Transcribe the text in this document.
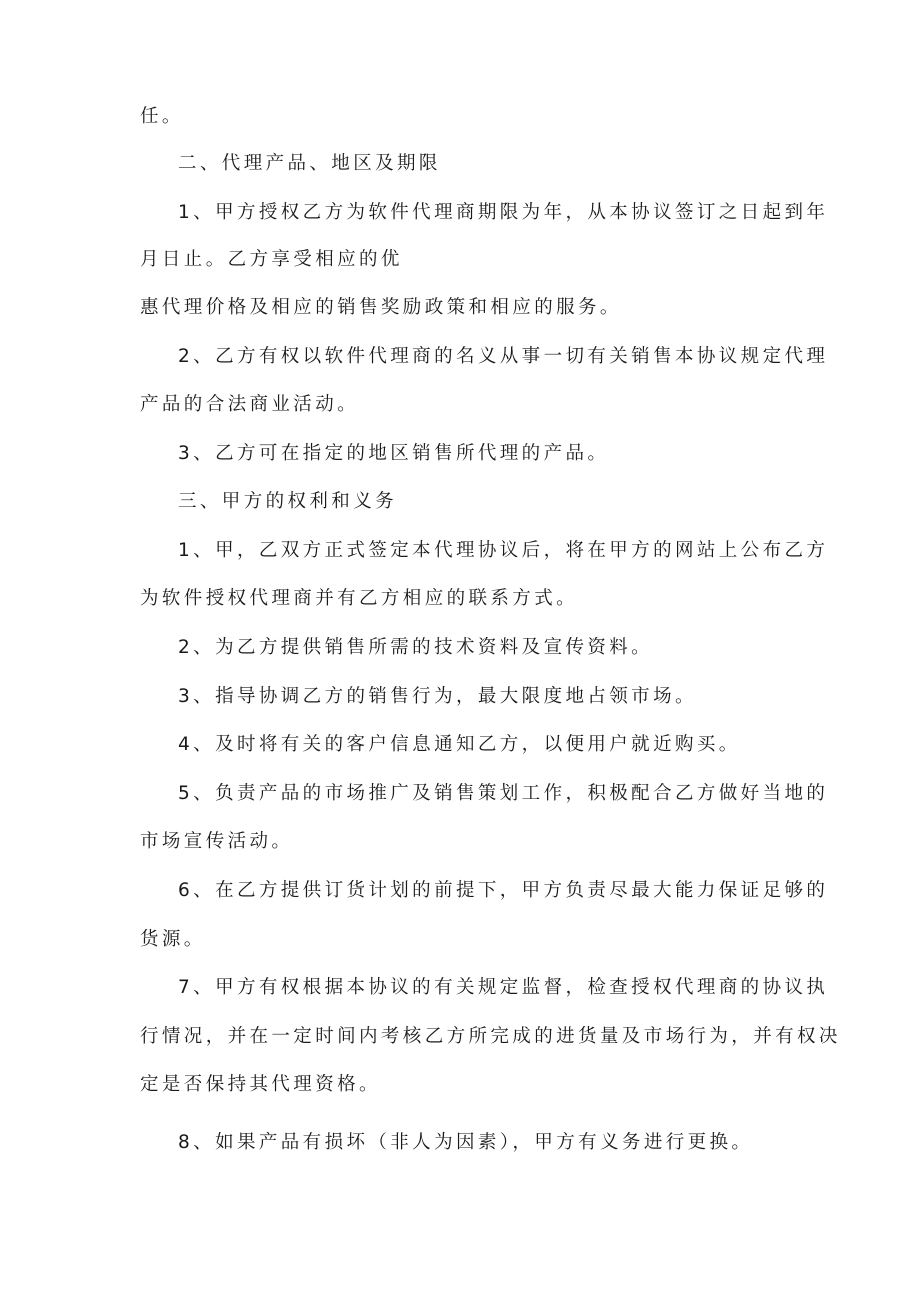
任。
二、代理产品、地区及期限
1、甲方授权乙方为软件代理商期限为年，从本协议签订之日起到年
月日止。乙方享受相应的优
惠代理价格及相应的销售奖励政策和相应的服务。
2、乙方有权以软件代理商的名义从事一切有关销售本协议规定代理
产品的合法商业活动。
3、乙方可在指定的地区销售所代理的产品。
三、甲方的权利和义务
1、甲，乙双方正式签定本代理协议后，将在甲方的网站上公布乙方
为软件授权代理商并有乙方相应的联系方式。
2、为乙方提供销售所需的技术资料及宣传资料。
3、指导协调乙方的销售行为，最大限度地占领市场。
4、及时将有关的客户信息通知乙方，以便用户就近购买。
5、负责产品的市场推广及销售策划工作，积极配合乙方做好当地的
市场宣传活动。
6、在乙方提供订货计划的前提下，甲方负责尽最大能力保证足够的
货源。
7、甲方有权根据本协议的有关规定监督，检查授权代理商的协议执
行情况，并在一定时间内考核乙方所完成的进货量及市场行为，并有权决
定是否保持其代理资格。
8、如果产品有损坏（非人为因素），甲方有义务进行更换。
